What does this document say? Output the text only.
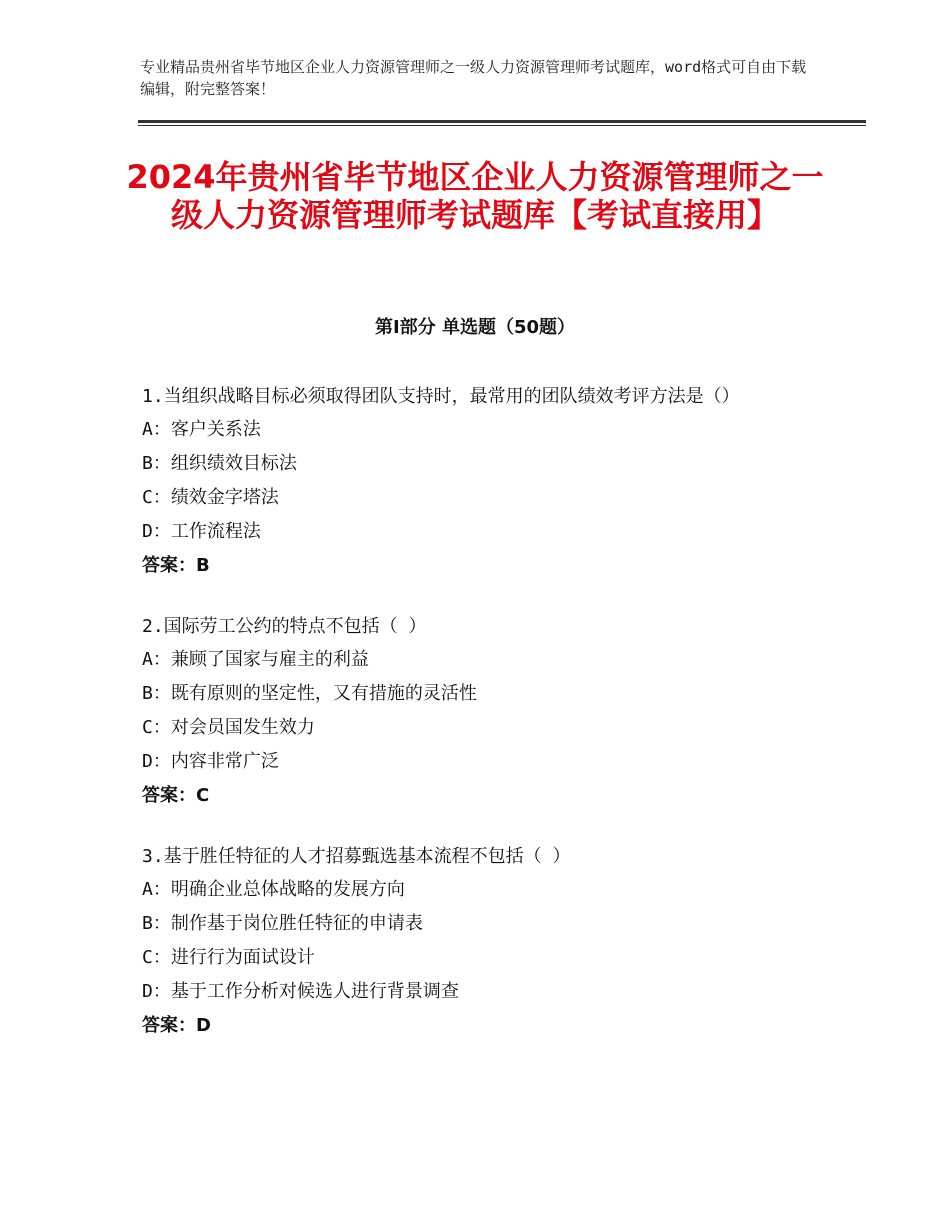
专业精品贵州省毕节地区企业人力资源管理师之一级人力资源管理师考试题库，word格式可自由下载编辑，附完整答案！
2024年贵州省毕节地区企业人力资源管理师之一级人力资源管理师考试题库【考试直接用】
第Ⅰ部分 单选题（50题）
1.当组织战略目标必须取得团队支持时，最常用的团队绩效考评方法是（）
A：客户关系法
B：组织绩效目标法
C：绩效金字塔法
D：工作流程法
答案：B
2.国际劳工公约的特点不包括（ ）
A：兼顾了国家与雇主的利益
B：既有原则的坚定性，又有措施的灵活性
C：对会员国发生效力
D：内容非常广泛
答案：C
3.基于胜任特征的人才招募甄选基本流程不包括（ ）
A：明确企业总体战略的发展方向
B：制作基于岗位胜任特征的申请表
C：进行行为面试设计
D：基于工作分析对候选人进行背景调查
答案：D
